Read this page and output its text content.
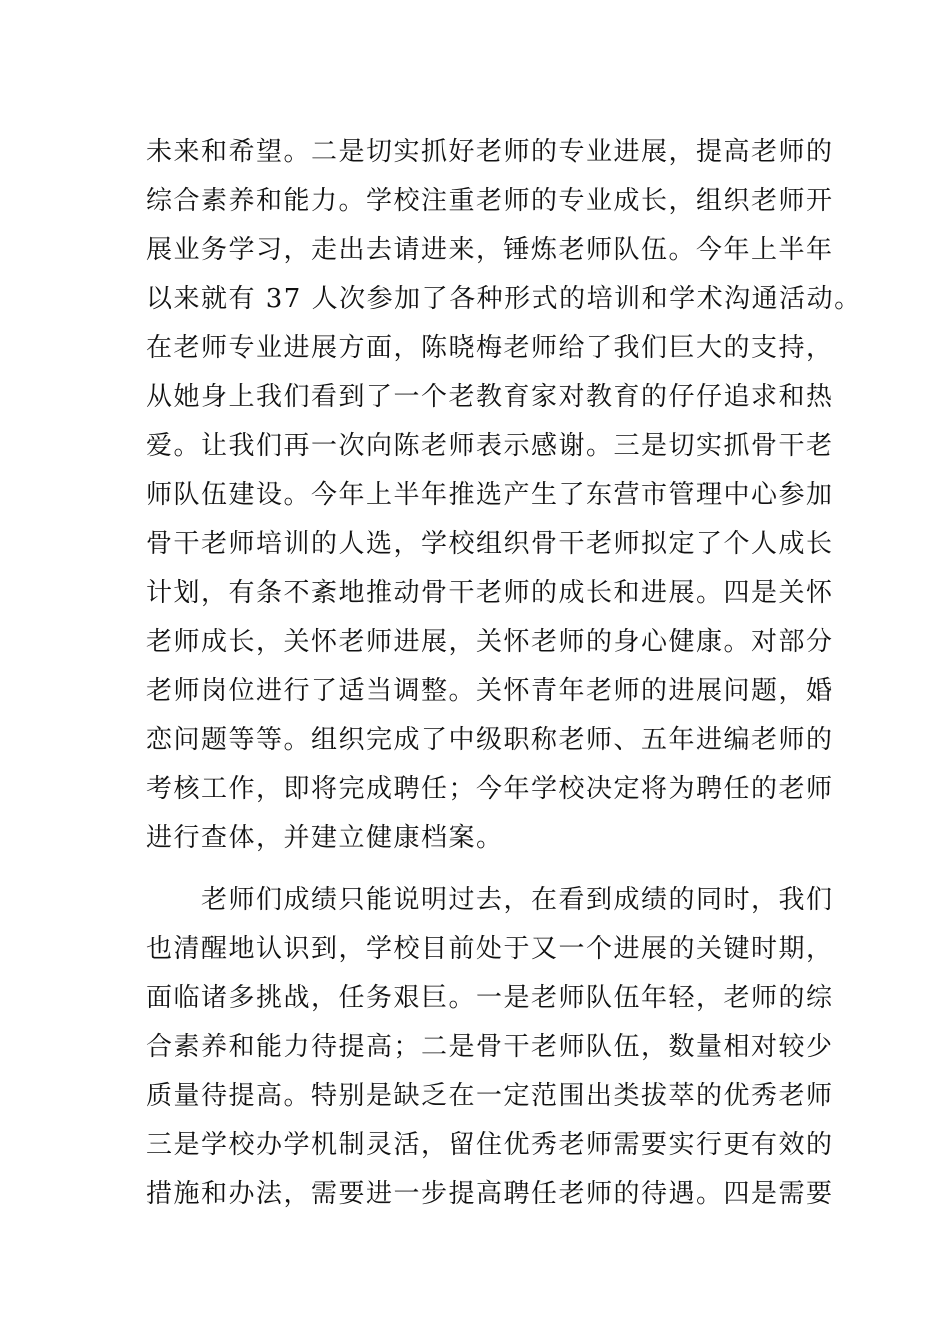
未来和希望。二是切实抓好老师的专业进展，提高老师的
综合素养和能力。学校注重老师的专业成长，组织老师开
展业务学习，走出去请进来，锤炼老师队伍。今年上半年
以来就有 37 人次参加了各种形式的培训和学术沟通活动。
在老师专业进展方面，陈晓梅老师给了我们巨大的支持，
从她身上我们看到了一个老教育家对教育的仔仔追求和热
爱。让我们再一次向陈老师表示感谢。三是切实抓骨干老
师队伍建设。今年上半年推选产生了东营市管理中心参加
骨干老师培训的人选，学校组织骨干老师拟定了个人成长
计划，有条不紊地推动骨干老师的成长和进展。四是关怀
老师成长，关怀老师进展，关怀老师的身心健康。对部分
老师岗位进行了适当调整。关怀青年老师的进展问题，婚
恋问题等等。组织完成了中级职称老师、五年进编老师的
考核工作，即将完成聘任；今年学校决定将为聘任的老师
进行查体，并建立健康档案。
　　老师们成绩只能说明过去，在看到成绩的同时，我们
也清醒地认识到，学校目前处于又一个进展的关键时期，
面临诸多挑战，任务艰巨。一是老师队伍年轻，老师的综
合素养和能力待提高；二是骨干老师队伍，数量相对较少
质量待提高。特别是缺乏在一定范围出类拔萃的优秀老师
三是学校办学机制灵活，留住优秀老师需要实行更有效的
措施和办法，需要进一步提高聘任老师的待遇。四是需要
